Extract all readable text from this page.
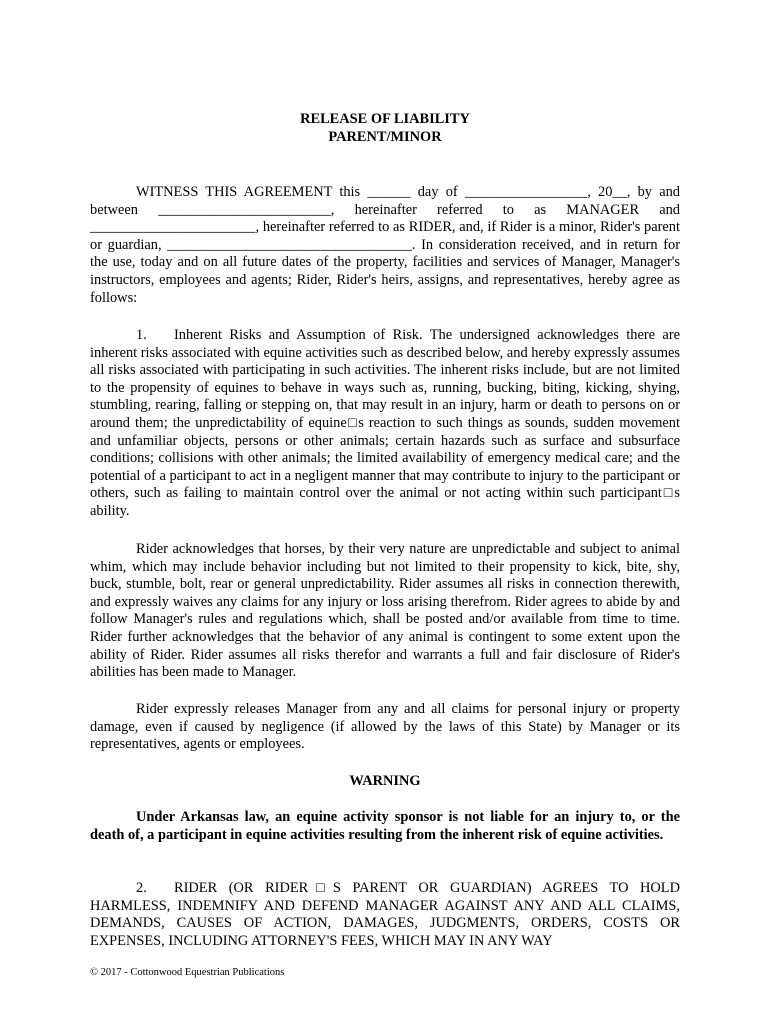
RELEASE OF LIABILITY
PARENT/MINOR

WITNESS THIS AGREEMENT this ______ day of _________________, 20__, by and between ________________________, hereinafter referred to as MANAGER and _______________________, hereinafter referred to as RIDER, and, if Rider is a minor, Rider's parent or guardian, __________________________________. In consideration received, and in return for the use, today and on all future dates of the property, facilities and services of Manager, Manager's instructors, employees and agents; Rider, Rider's heirs, assigns, and representatives, hereby agree as follows:

1. Inherent Risks and Assumption of Risk. The undersigned acknowledges there are inherent risks associated with equine activities such as described below, and hereby expressly assumes all risks associated with participating in such activities. The inherent risks include, but are not limited to the propensity of equines to behave in ways such as, running, bucking, biting, kicking, shying, stumbling, rearing, falling or stepping on, that may result in an injury, harm or death to persons on or around them; the unpredictability of equine□s reaction to such things as sounds, sudden movement and unfamiliar objects, persons or other animals; certain hazards such as surface and subsurface conditions; collisions with other animals; the limited availability of emergency medical care; and the potential of a participant to act in a negligent manner that may contribute to injury to the participant or others, such as failing to maintain control over the animal or not acting within such participant□s ability.

Rider acknowledges that horses, by their very nature are unpredictable and subject to animal whim, which may include behavior including but not limited to their propensity to kick, bite, shy, buck, stumble, bolt, rear or general unpredictability. Rider assumes all risks in connection therewith, and expressly waives any claims for any injury or loss arising therefrom. Rider agrees to abide by and follow Manager's rules and regulations which, shall be posted and/or available from time to time. Rider further acknowledges that the behavior of any animal is contingent to some extent upon the ability of Rider. Rider assumes all risks therefor and warrants a full and fair disclosure of Rider's abilities has been made to Manager.

Rider expressly releases Manager from any and all claims for personal injury or property damage, even if caused by negligence (if allowed by the laws of this State) by Manager or its representatives, agents or employees.

WARNING

Under Arkansas law, an equine activity sponsor is not liable for an injury to, or the death of, a participant in equine activities resulting from the inherent risk of equine activities.

2. RIDER (OR RIDER□S PARENT OR GUARDIAN) AGREES TO HOLD HARMLESS, INDEMNIFY AND DEFEND MANAGER AGAINST ANY AND ALL CLAIMS, DEMANDS, CAUSES OF ACTION, DAMAGES, JUDGMENTS, ORDERS, COSTS OR EXPENSES, INCLUDING ATTORNEY'S FEES, WHICH MAY IN ANY WAY

© 2017 - Cottonwood Equestrian Publications
